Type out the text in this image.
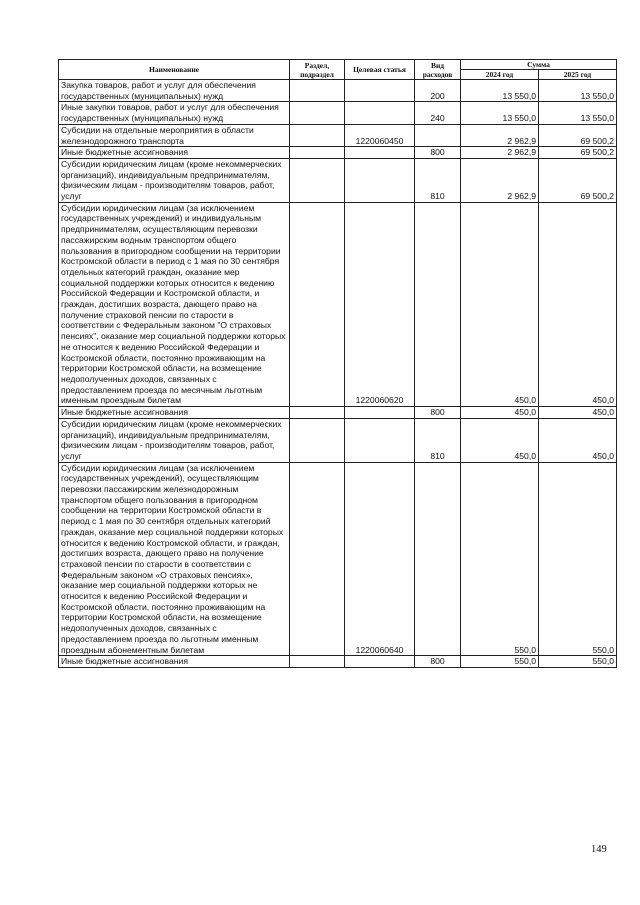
Наименование	Раздел, подраздел	Целевая статья	Вид расходов	Сумма	
				2024 год	2025 год
Закупка товаров, работ и услуг для обеспечения государственных (муниципальных) нужд			200	13 550,0	13 550,0
Иные закупки товаров, работ и услуг для обеспечения государственных (муниципальных) нужд			240	13 550,0	13 550,0
Субсидии на отдельные мероприятия в области железнодорожного транспорта		1220060450		2 962,9	69 500,2
Иные бюджетные ассигнования			800	2 962,9	69 500,2
Субсидии юридическим лицам (кроме некоммерческих организаций), индивидуальным предпринимателям, физическим лицам - производителям товаров, работ, услуг			810	2 962,9	69 500,2
Субсидии юридическим лицам (за исключением государственных учреждений) и индивидуальным предпринимателям, осуществляющим перевозки пассажирским водным транспортом общего пользования в пригородном сообщении на территории Костромской области в период с 1 мая по 30 сентября отдельных категорий граждан, оказание мер социальной поддержки которых относится к ведению Российской Федерации и Костромской области, и граждан, достигших возраста, дающего право на получение страховой пенсии по старости в соответствии с Федеральным законом "О страховых пенсиях", оказание мер социальной поддержки которых не относится к ведению Российской Федерации и Костромской области, постоянно проживающим на территории Костромской области, на возмещение недополученных доходов, связанных с предоставлением проезда по месячным льготным именным проездным билетам		1220060620		450,0	450,0
Иные бюджетные ассигнования			800	450,0	450,0
Субсидии юридическим лицам (кроме некоммерческих организаций), индивидуальным предпринимателям, физическим лицам - производителям товаров, работ, услуг			810	450,0	450,0
Субсидии юридическим лицам (за исключением государственных учреждений), осуществляющим перевозки пассажирским железнодорожным транспортом общего пользования в пригородном сообщении на территории Костромской области в период с 1 мая по 30 сентября отдельных категорий граждан, оказание мер социальной поддержки которых относится к ведению Костромской области, и граждан, достигших возраста, дающего право на получение страховой пенсии по старости в соответствии с Федеральным законом «О страховых пенсиях», оказание мер социальной поддержки которых не относится к ведению Российской Федерации и Костромской области, постоянно проживающим на территории Костромской области, на возмещение недополученных доходов, связанных с предоставлением проезда по льготным именным проездным абонементным билетам		1220060640		550,0	550,0
Иные бюджетные ассигнования			800	550,0	550,0
149
